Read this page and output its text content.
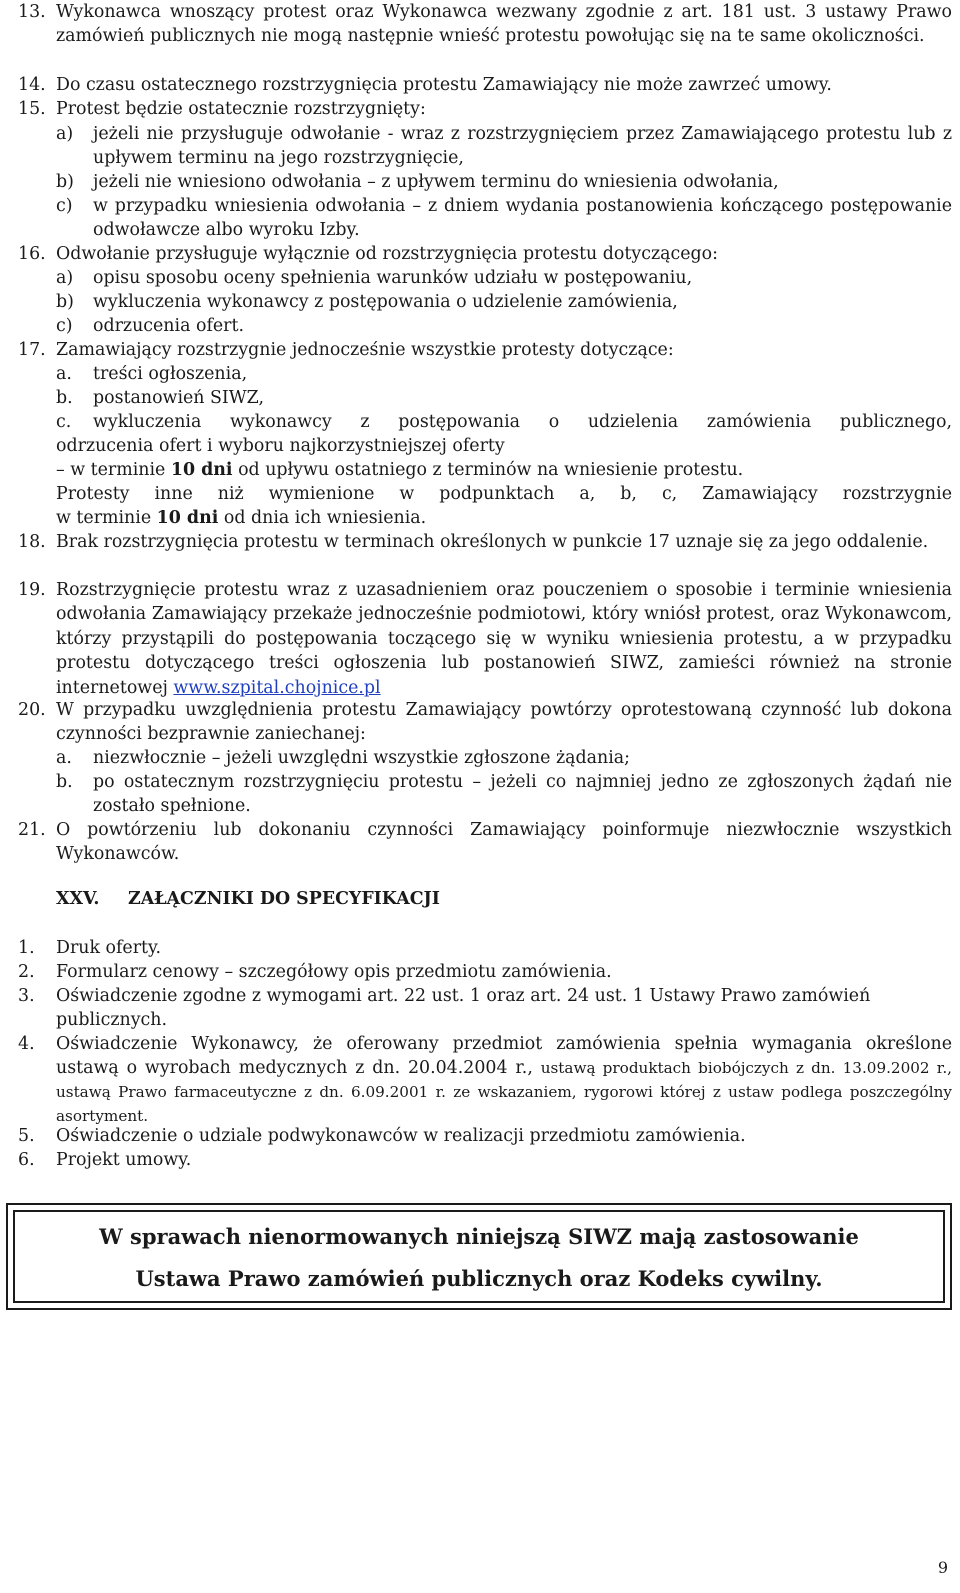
13. Wykonawca wnoszący protest oraz Wykonawca wezwany zgodnie z art. 181 ust. 3 ustawy Prawo zamówień publicznych nie mogą następnie wnieść protestu powołując się na te same okoliczności.
14. Do czasu ostatecznego rozstrzygnięcia protestu Zamawiający nie może zawrzeć umowy.
15. Protest będzie ostatecznie rozstrzygnięty:
a) jeżeli nie przysługuje odwołanie - wraz z rozstrzygnięciem przez Zamawiającego protestu lub z upływem terminu na jego rozstrzygnięcie,
b) jeżeli nie wniesiono odwołania – z upływem terminu do wniesienia odwołania,
c) w przypadku wniesienia odwołania – z dniem wydania postanowienia kończącego postępowanie odwoławcze albo wyroku Izby.
16. Odwołanie przysługuje wyłącznie od rozstrzygnięcia protestu dotyczącego:
a) opisu sposobu oceny spełnienia warunków udziału w postępowaniu,
b) wykluczenia wykonawcy z postępowania o udzielenie zamówienia,
c) odrzucenia ofert.
17. Zamawiający rozstrzygnie jednocześnie wszystkie protesty dotyczące:
a. treści ogłoszenia,
b. postanowień SIWZ,
c. wykluczenia wykonawcy z postępowania o udzielenia zamówienia publicznego,
odrzucenia ofert i wyboru najkorzystniejszej oferty
– w terminie 10 dni od upływu ostatniego z terminów na wniesienie protestu.
Protesty inne niż wymienione w podpunktach a, b, c, Zamawiający rozstrzygnie
w terminie 10 dni od dnia ich wniesienia.
18. Brak rozstrzygnięcia protestu w terminach określonych w punkcie 17 uznaje się za jego oddalenie.
19. Rozstrzygnięcie protestu wraz z uzasadnieniem oraz pouczeniem o sposobie i terminie wniesienia odwołania Zamawiający przekaże jednocześnie podmiotowi, który wniósł protest, oraz Wykonawcom, którzy przystąpili do postępowania toczącego się w wyniku wniesienia protestu, a w przypadku protestu dotyczącego treści ogłoszenia lub postanowień SIWZ, zamieści również na stronie internetowej www.szpital.chojnice.pl
20. W przypadku uwzględnienia protestu Zamawiający powtórzy oprotestowaną czynność lub dokona czynności bezprawnie zaniechanej:
a. niezwłocznie – jeżeli uwzględni wszystkie zgłoszone żądania;
b. po ostatecznym rozstrzygnięciu protestu – jeżeli co najmniej jedno ze zgłoszonych żądań nie zostało spełnione.
21. O powtórzeniu lub dokonaniu czynności Zamawiający poinformuje niezwłocznie wszystkich Wykonawców.
XXV. ZAŁĄCZNIKI DO SPECYFIKACJI
1. Druk oferty.
2. Formularz cenowy – szczegółowy opis przedmiotu zamówienia.
3. Oświadczenie zgodne z wymogami art. 22 ust. 1 oraz art. 24 ust. 1 Ustawy Prawo zamówień publicznych.
4. Oświadczenie Wykonawcy, że oferowany przedmiot zamówienia spełnia wymagania określone ustawą o wyrobach medycznych z dn. 20.04.2004 r., ustawą produktach biobójczych z dn. 13.09.2002 r., ustawą Prawo farmaceutyczne z dn. 6.09.2001 r. ze wskazaniem, rygorowi której z ustaw podlega poszczególny asortyment.
5. Oświadczenie o udziale podwykonawców w realizacji przedmiotu zamówienia.
6. Projekt umowy.
W sprawach nienormowanych niniejszą SIWZ mają zastosowanie
Ustawa Prawo zamówień publicznych oraz Kodeks cywilny.
9
